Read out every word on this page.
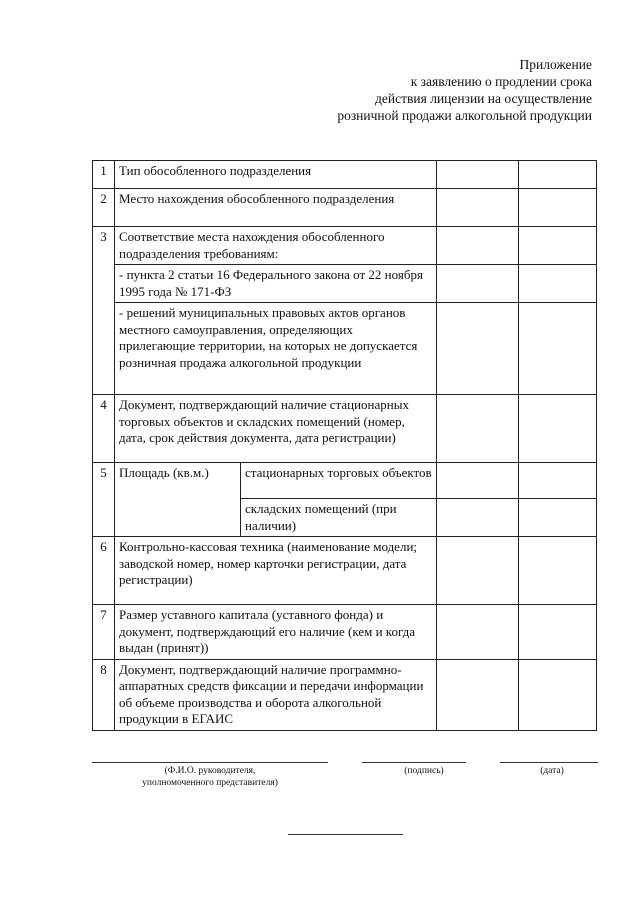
Приложение
к заявлению о продлении срока
действия лицензии на осуществление
розничной продажи алкогольной продукции
1	Тип обособленного подразделения			
2	Место нахождения обособленного подразделения			
3	Соответствие места нахождения обособленного подразделения требованиям:			
	- пункта 2 статьи 16 Федерального закона от 22 ноября 1995 года № 171-ФЗ			
	- решений муниципальных правовых актов органов местного самоуправления, определяющих прилегающие территории, на которых не допускается розничная продажа алкогольной продукции			
4	Документ, подтверждающий наличие стационарных торговых объектов и складских помещений (номер, дата, срок действия документа, дата регистрации)			
5	Площадь (кв.м.)	стационарных торговых объектов		
		складских помещений (при наличии)		
6	Контрольно-кассовая техника (наименование модели; заводской номер, номер карточки регистрации, дата регистрации)			
7	Размер уставного капитала (уставного фонда) и документ, подтверждающий его наличие (кем и когда выдан (принят))			
8	Документ, подтверждающий наличие программно-аппаратных средств фиксации и передачи информации об объеме производства и оборота алкогольной продукции в ЕГАИС			
(Ф.И.О. руководителя,
уполномоченного представителя)
(подпись)	(дата)
